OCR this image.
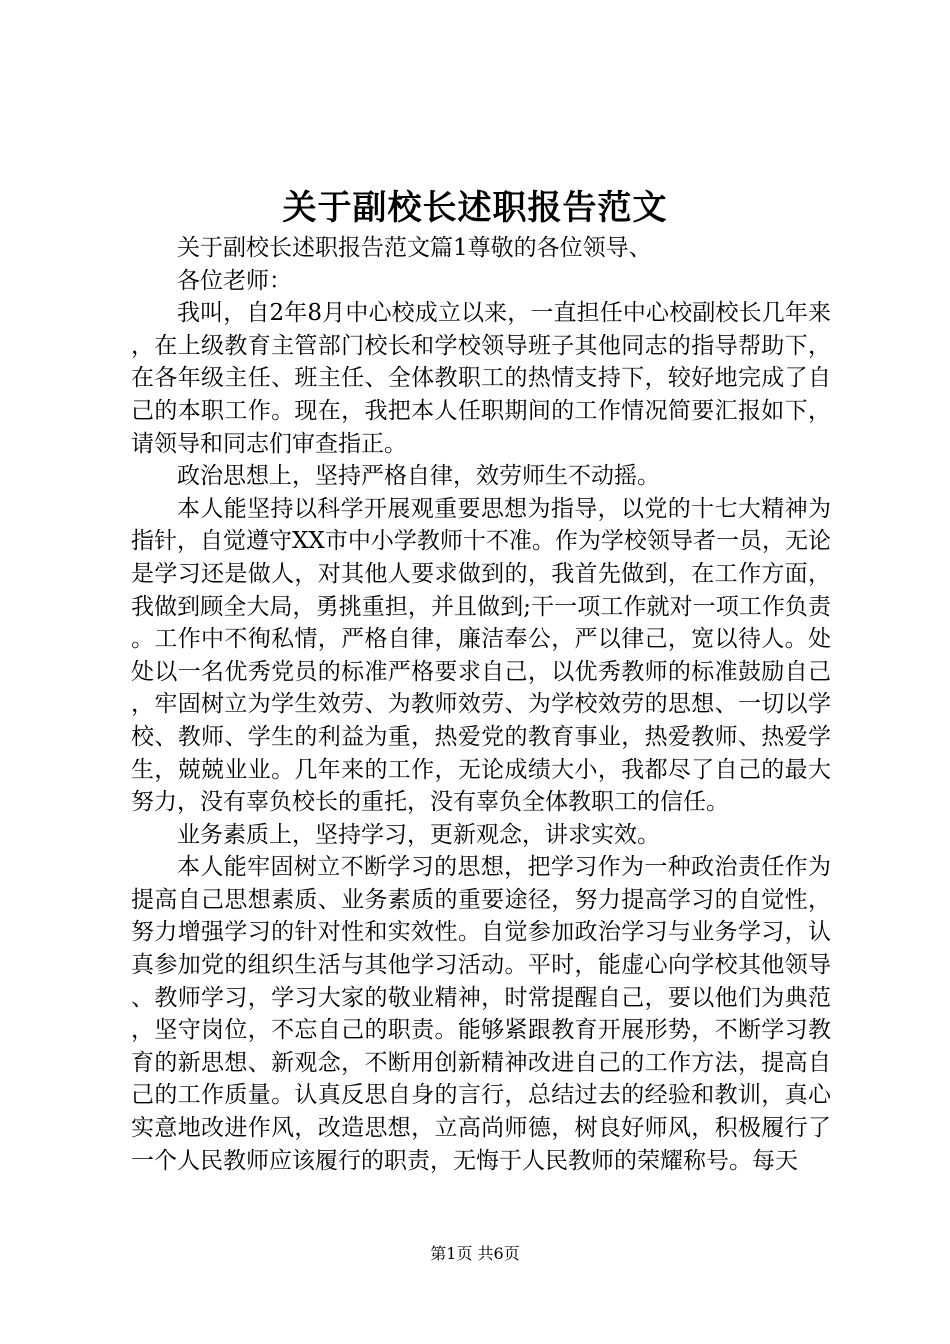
关于副校长述职报告范文

关于副校长述职报告范文篇1尊敬的各位领导、

各位老师：

我叫，自2年8月中心校成立以来，一直担任中心校副校长几年来，在上级教育主管部门校长和学校领导班子其他同志的指导帮助下，在各年级主任、班主任、全体教职工的热情支持下，较好地完成了自己的本职工作。现在，我把本人任职期间的工作情况简要汇报如下，请领导和同志们审查指正。

政治思想上，坚持严格自律，效劳师生不动摇。

本人能坚持以科学开展观重要思想为指导，以党的十七大精神为指针，自觉遵守XX市中小学教师十不准。作为学校领导者一员，无论是学习还是做人，对其他人要求做到的，我首先做到，在工作方面，我做到顾全大局，勇挑重担，并且做到;干一项工作就对一项工作负责。工作中不徇私情，严格自律，廉洁奉公，严以律己，宽以待人。处处以一名优秀党员的标准严格要求自己，以优秀教师的标准鼓励自己，牢固树立为学生效劳、为教师效劳、为学校效劳的思想、一切以学校、教师、学生的利益为重，热爱党的教育事业，热爱教师、热爱学生，兢兢业业。几年来的工作，无论成绩大小，我都尽了自己的最大努力，没有辜负校长的重托，没有辜负全体教职工的信任。

业务素质上，坚持学习，更新观念，讲求实效。

本人能牢固树立不断学习的思想，把学习作为一种政治责任作为提高自己思想素质、业务素质的重要途径，努力提高学习的自觉性，努力增强学习的针对性和实效性。自觉参加政治学习与业务学习，认真参加党的组织生活与其他学习活动。平时，能虚心向学校其他领导、教师学习，学习大家的敬业精神，时常提醒自己，要以他们为典范，坚守岗位，不忘自己的职责。能够紧跟教育开展形势，不断学习教育的新思想、新观念，不断用创新精神改进自己的工作方法，提高自己的工作质量。认真反思自身的言行，总结过去的经验和教训，真心实意地改进作风，改造思想，立高尚师德，树良好师风，积极履行了一个人民教师应该履行的职责，无悔于人民教师的荣耀称号。每天

第1页 共6页
